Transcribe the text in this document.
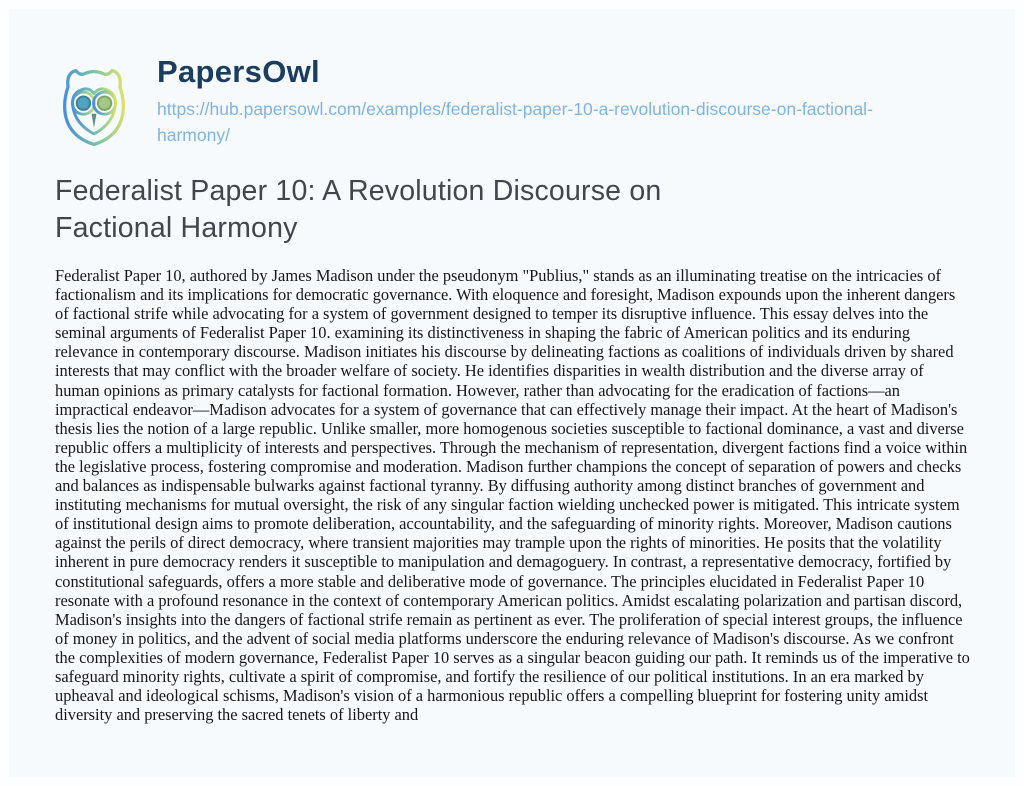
PapersOwl
https://hub.papersowl.com/examples/federalist-paper-10-a-revolution-discourse-on-factional-harmony/
Federalist Paper 10: A Revolution Discourse on Factional Harmony

Federalist Paper 10, authored by James Madison under the pseudonym "Publius," stands as an illuminating treatise on the intricacies of factionalism and its implications for democratic governance. With eloquence and foresight, Madison expounds upon the inherent dangers of factional strife while advocating for a system of government designed to temper its disruptive influence. This essay delves into the seminal arguments of Federalist Paper 10. examining its distinctiveness in shaping the fabric of American politics and its enduring relevance in contemporary discourse. Madison initiates his discourse by delineating factions as coalitions of individuals driven by shared interests that may conflict with the broader welfare of society. He identifies disparities in wealth distribution and the diverse array of human opinions as primary catalysts for factional formation. However, rather than advocating for the eradication of factions—an impractical endeavor—Madison advocates for a system of governance that can effectively manage their impact. At the heart of Madison's thesis lies the notion of a large republic. Unlike smaller, more homogenous societies susceptible to factional dominance, a vast and diverse republic offers a multiplicity of interests and perspectives. Through the mechanism of representation, divergent factions find a voice within the legislative process, fostering compromise and moderation. Madison further champions the concept of separation of powers and checks and balances as indispensable bulwarks against factional tyranny. By diffusing authority among distinct branches of government and instituting mechanisms for mutual oversight, the risk of any singular faction wielding unchecked power is mitigated. This intricate system of institutional design aims to promote deliberation, accountability, and the safeguarding of minority rights. Moreover, Madison cautions against the perils of direct democracy, where transient majorities may trample upon the rights of minorities. He posits that the volatility inherent in pure democracy renders it susceptible to manipulation and demagoguery. In contrast, a representative democracy, fortified by constitutional safeguards, offers a more stable and deliberative mode of governance. The principles elucidated in Federalist Paper 10 resonate with a profound resonance in the context of contemporary American politics. Amidst escalating polarization and partisan discord, Madison's insights into the dangers of factional strife remain as pertinent as ever. The proliferation of special interest groups, the influence of money in politics, and the advent of social media platforms underscore the enduring relevance of Madison's discourse. As we confront the complexities of modern governance, Federalist Paper 10 serves as a singular beacon guiding our path. It reminds us of the imperative to safeguard minority rights, cultivate a spirit of compromise, and fortify the resilience of our political institutions. In an era marked by upheaval and ideological schisms, Madison's vision of a harmonious republic offers a compelling blueprint for fostering unity amidst diversity and preserving the sacred tenets of liberty and
